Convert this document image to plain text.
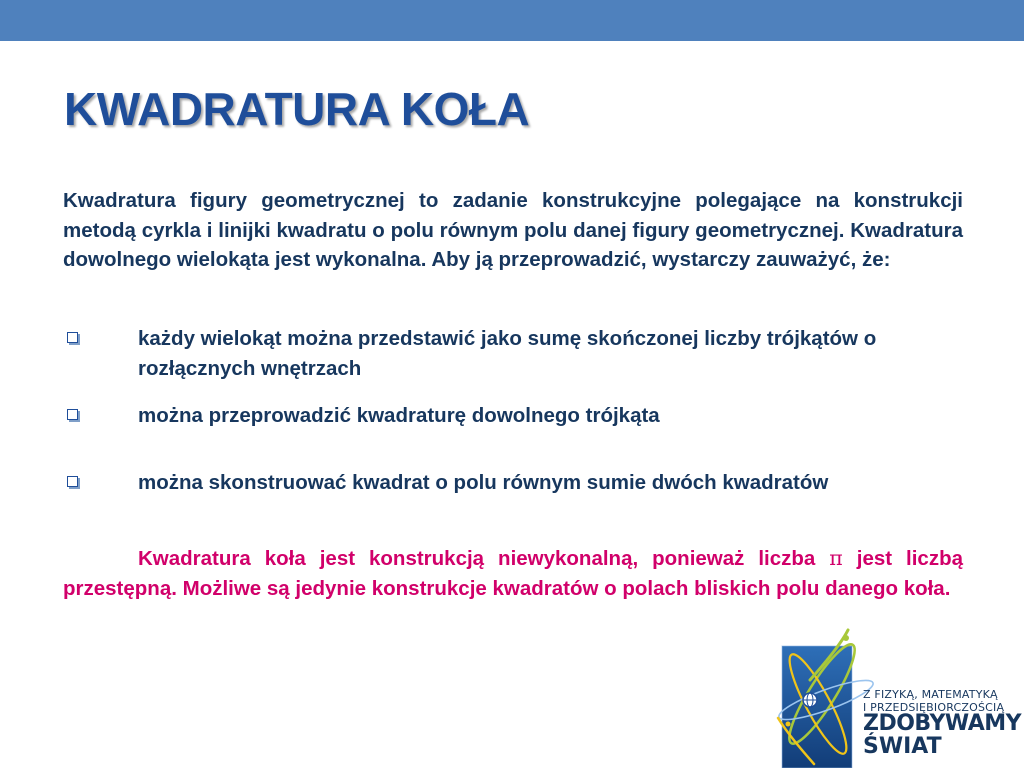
KWADRATURA KOŁA

Kwadratura figury geometrycznej to zadanie konstrukcyjne polegające na konstrukcji metodą cyrkla i linijki kwadratu o polu równym polu danej figury geometrycznej. Kwadratura dowolnego wielokąta jest wykonalna. Aby ją przeprowadzić, wystarczy zauważyć, że:

każdy wielokąt można przedstawić jako sumę skończonej liczby trójkątów o rozłącznych wnętrzach
można przeprowadzić kwadraturę dowolnego trójkąta
można skonstruować kwadrat o polu równym sumie dwóch kwadratów

Kwadratura koła jest konstrukcją niewykonalną, ponieważ liczba π jest liczbą przestępną. Możliwe są jedynie konstrukcje kwadratów o polach bliskich polu danego koła.

Z FIZYKĄ, MATEMATYKĄ
I PRZEDSIĘBIORCZOŚCIĄ
ZDOBYWAMY
ŚWIAT
